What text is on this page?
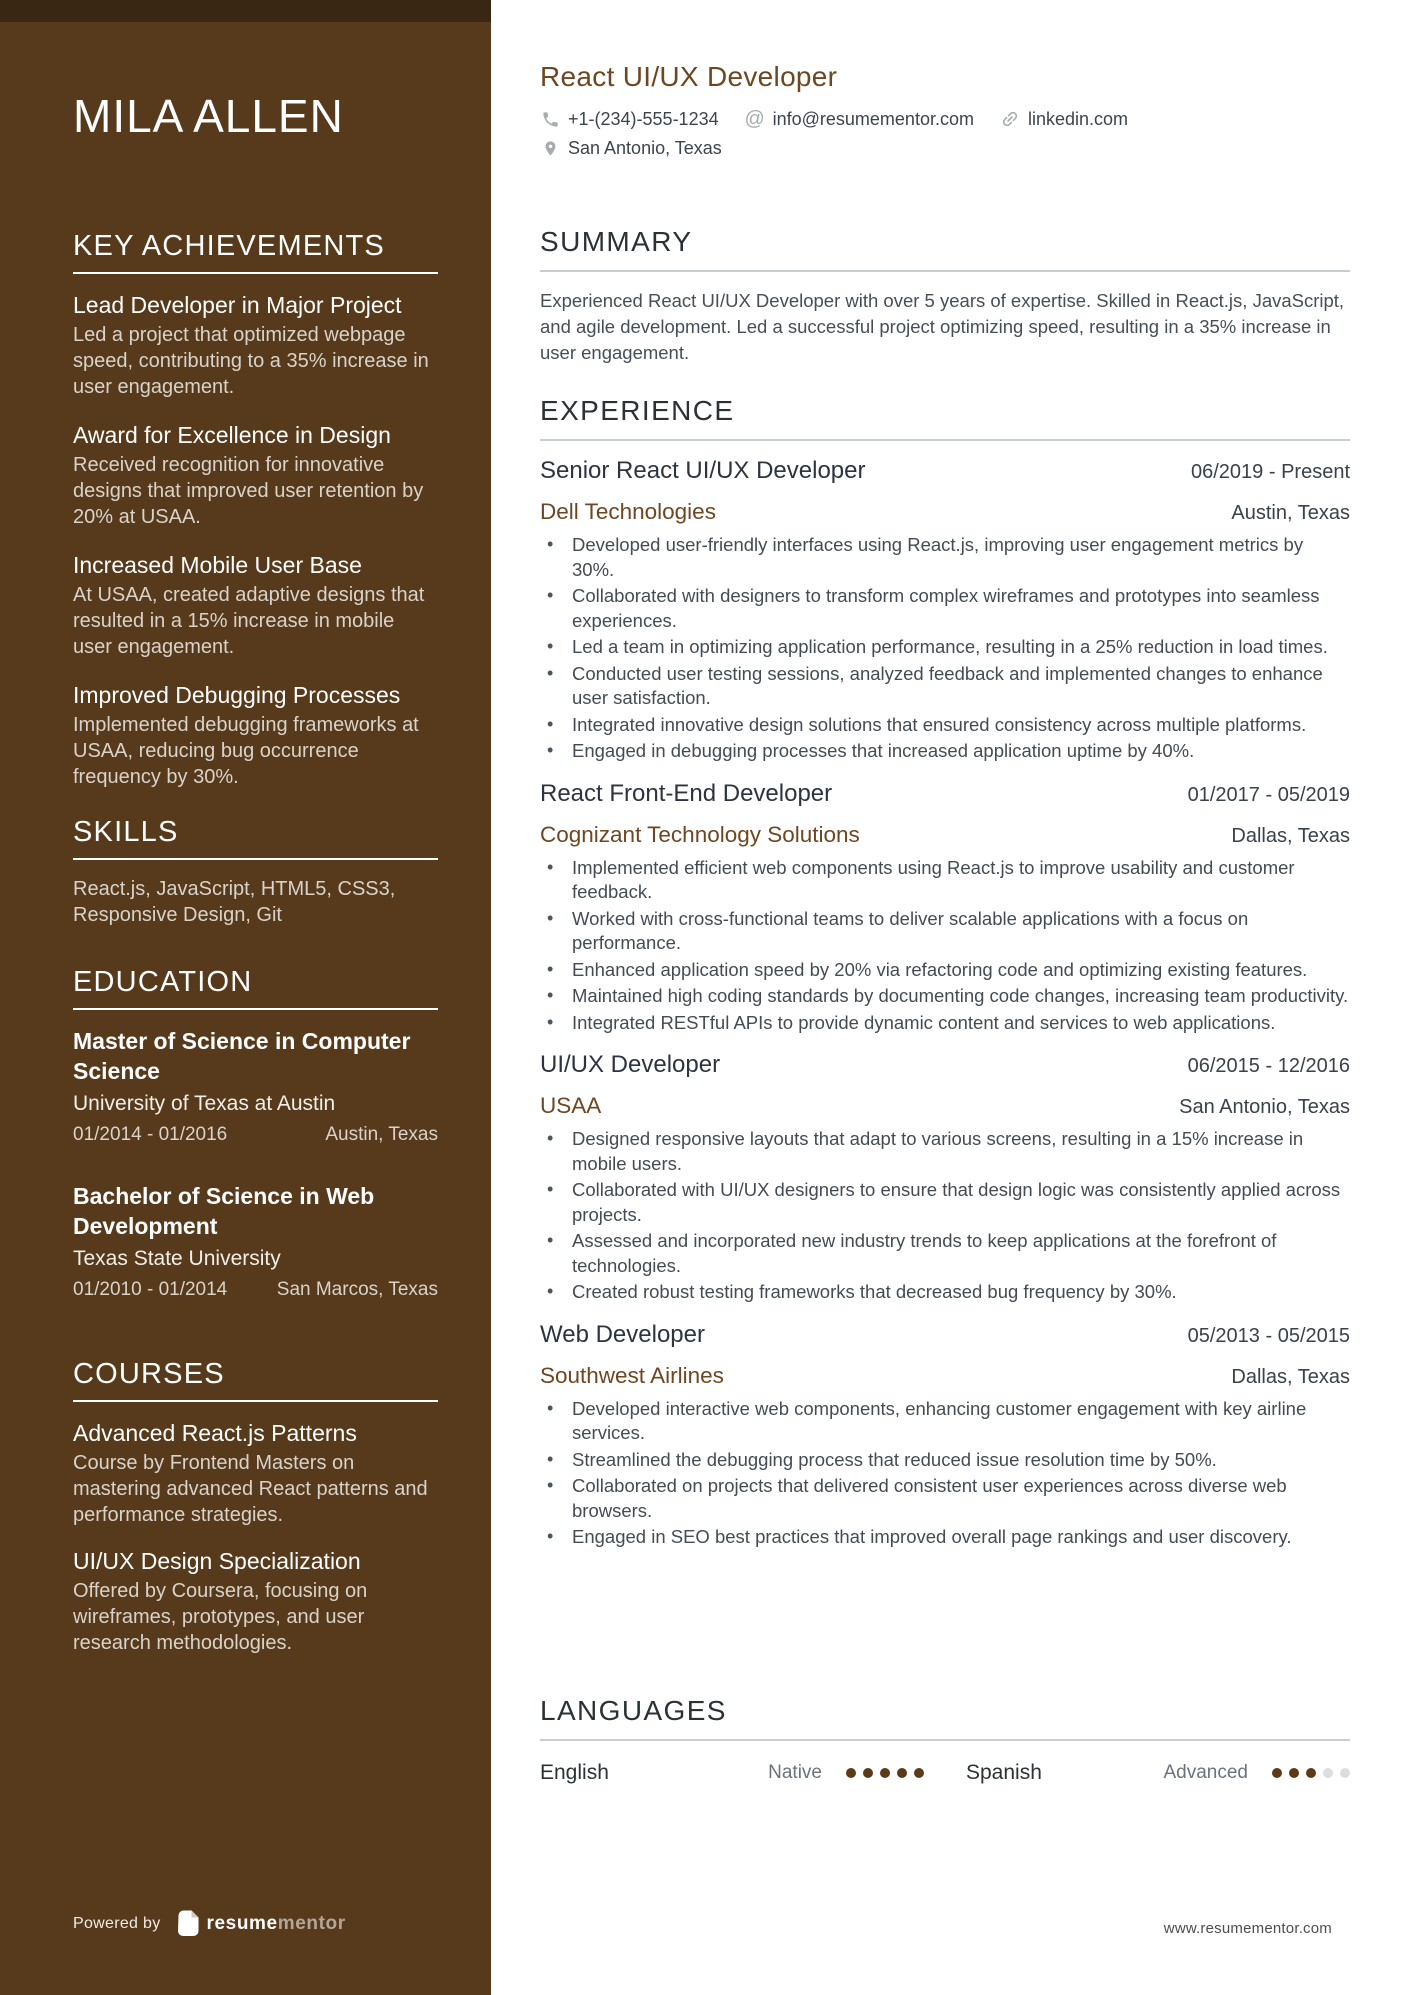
MILA ALLEN
KEY ACHIEVEMENTS
Lead Developer in Major Project
Led a project that optimized webpage speed, contributing to a 35% increase in user engagement.
Award for Excellence in Design
Received recognition for innovative designs that improved user retention by 20% at USAA.
Increased Mobile User Base
At USAA, created adaptive designs that resulted in a 15% increase in mobile user engagement.
Improved Debugging Processes
Implemented debugging frameworks at USAA, reducing bug occurrence frequency by 30%.
SKILLS
React.js, JavaScript, HTML5, CSS3, Responsive Design, Git
EDUCATION
Master of Science in Computer Science
University of Texas at Austin
01/2014 - 01/2016	Austin, Texas
Bachelor of Science in Web Development
Texas State University
01/2010 - 01/2014	San Marcos, Texas
COURSES
Advanced React.js Patterns
Course by Frontend Masters on mastering advanced React patterns and performance strategies.
UI/UX Design Specialization
Offered by Coursera, focusing on wireframes, prototypes, and user research methodologies.
Powered by resumementor
React UI/UX Developer
+1-(234)-555-1234 @ info@resumementor.com	linkedin.com
San Antonio, Texas
SUMMARY

Experienced React UI/UX Developer with over 5 years of expertise. Skilled in React.js, JavaScript, and agile development. Led a successful project optimizing speed, resulting in a 35% increase in user engagement.

EXPERIENCE
Senior React UI/UX Developer	06/2019 - Present
Dell Technologies	Austin, Texas
• Developed user-friendly interfaces using React.js, improving user engagement metrics by 30%.
• Collaborated with designers to transform complex wireframes and prototypes into seamless experiences.
• Led a team in optimizing application performance, resulting in a 25% reduction in load times.
• Conducted user testing sessions, analyzed feedback and implemented changes to enhance user satisfaction.
• Integrated innovative design solutions that ensured consistency across multiple platforms.
• Engaged in debugging processes that increased application uptime by 40%.
React Front-End Developer	01/2017 - 05/2019
Cognizant Technology Solutions	Dallas, Texas
• Implemented efficient web components using React.js to improve usability and customer feedback.
• Worked with cross-functional teams to deliver scalable applications with a focus on performance.
• Enhanced application speed by 20% via refactoring code and optimizing existing features.
• Maintained high coding standards by documenting code changes, increasing team productivity.
• Integrated RESTful APIs to provide dynamic content and services to web applications.
UI/UX Developer	06/2015 - 12/2016
USAA	San Antonio, Texas
• Designed responsive layouts that adapt to various screens, resulting in a 15% increase in mobile users.
• Collaborated with UI/UX designers to ensure that design logic was consistently applied across projects.
• Assessed and incorporated new industry trends to keep applications at the forefront of technologies.
• Created robust testing frameworks that decreased bug frequency by 30%.
Web Developer	05/2013 - 05/2015
Southwest Airlines	Dallas, Texas
• Developed interactive web components, enhancing customer engagement with key airline services.
• Streamlined the debugging process that reduced issue resolution time by 50%.
• Collaborated on projects that delivered consistent user experiences across diverse web browsers.
• Engaged in SEO best practices that improved overall page rankings and user discovery.
LANGUAGES
English	Native	Spanish	Advanced
www.resumementor.com
